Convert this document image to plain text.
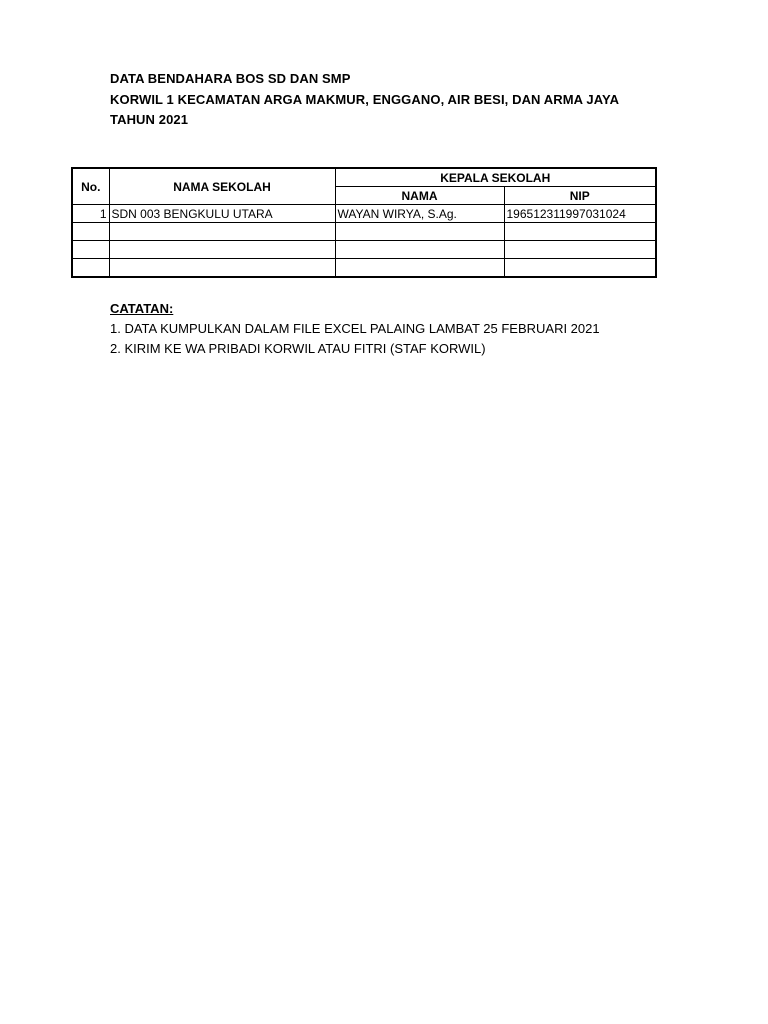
DATA BENDAHARA BOS SD DAN SMP
KORWIL 1 KECAMATAN ARGA MAKMUR, ENGGANO, AIR BESI, DAN ARMA JAYA
TAHUN 2021
No.	NAMA SEKOLAH	KEPALA SEKOLAH	
		NAMA	NIP
1	SDN 003 BENGKULU UTARA	WAYAN WIRYA, S.Ag.	196512311997031024

CATATAN:
1. DATA KUMPULKAN DALAM FILE EXCEL PALAING LAMBAT 25 FEBRUARI 2021
2. KIRIM KE WA PRIBADI KORWIL ATAU FITRI (STAF KORWIL)
